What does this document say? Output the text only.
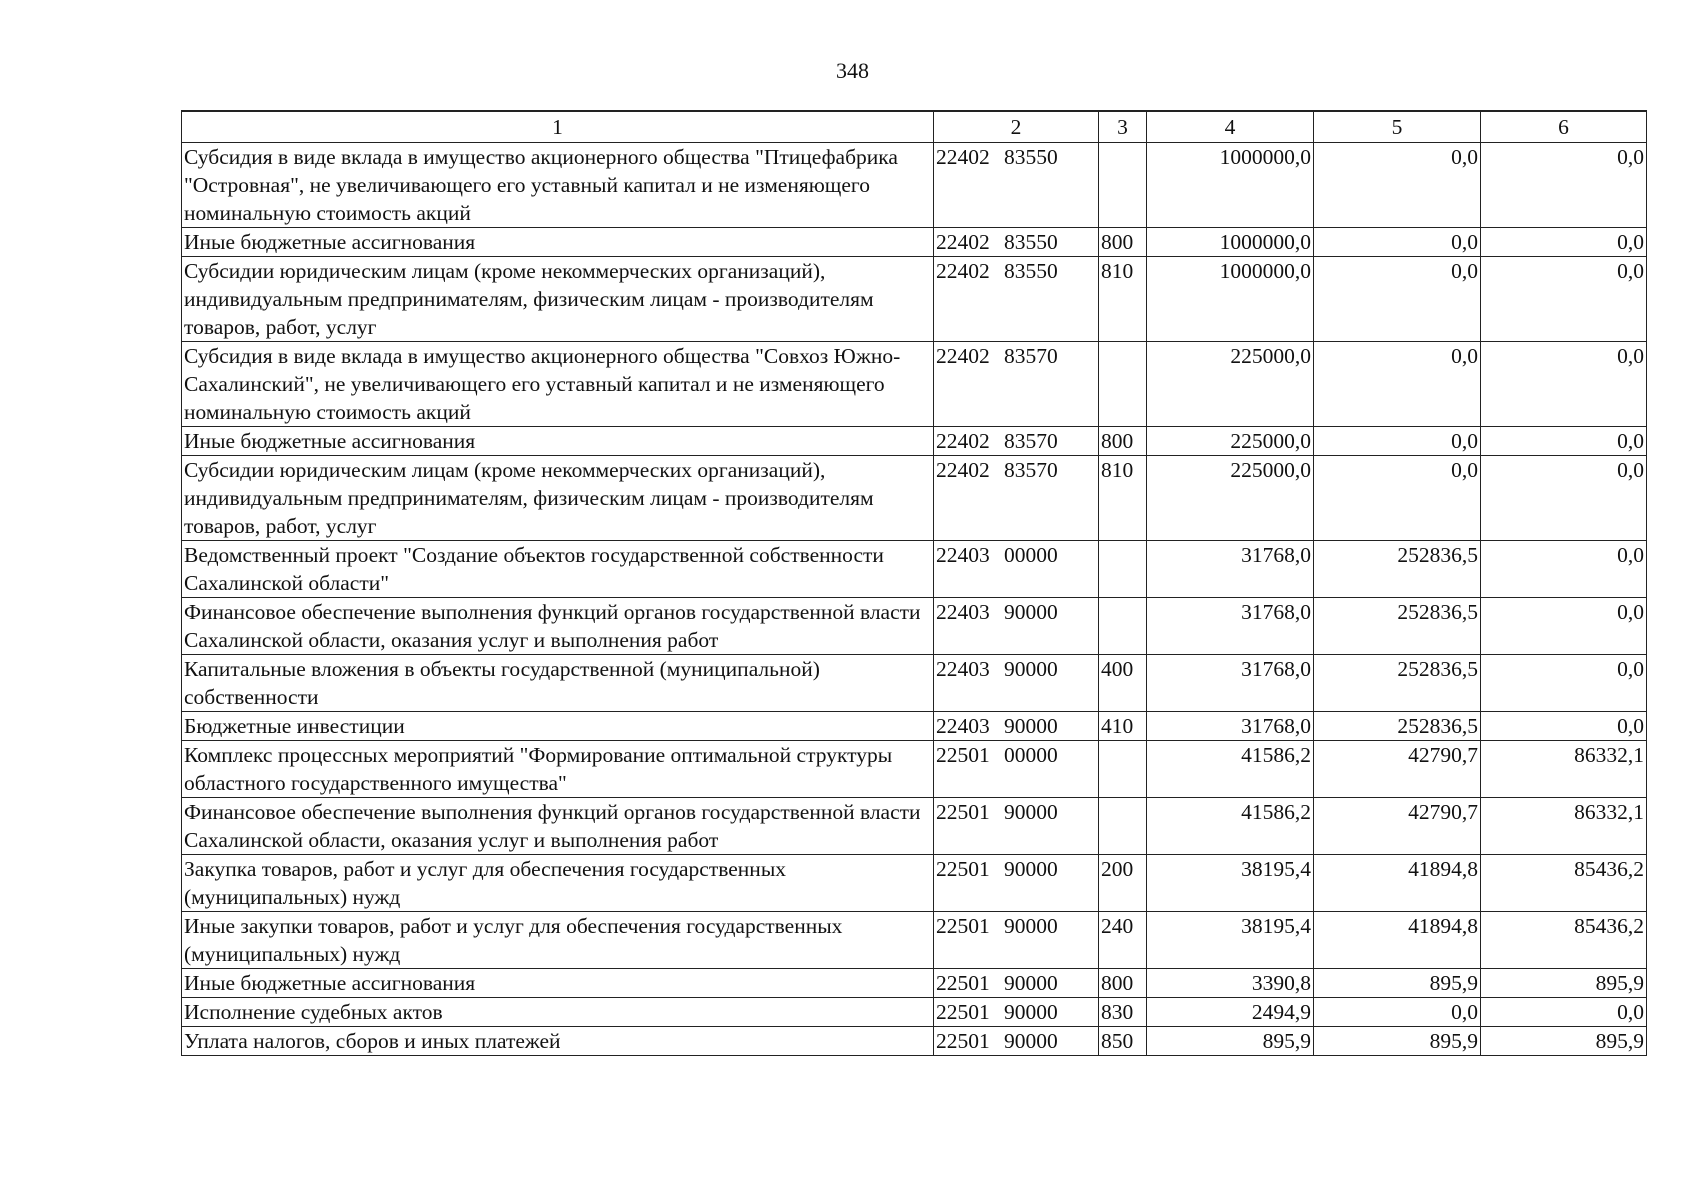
348
1	2	3	4	5	6
Субсидия в виде вклада в имущество акционерного общества "Птицефабрика "Островная", не увеличивающего его уставный капитал и не изменяющего номинальную стоимость акций	22402 83550		1000000,0	0,0	0,0
Иные бюджетные ассигнования	22402 83550	800	1000000,0	0,0	0,0
Субсидии юридическим лицам (кроме некоммерческих организаций), индивидуальным предпринимателям, физическим лицам - производителям товаров, работ, услуг	22402 83550	810	1000000,0	0,0	0,0
Субсидия в виде вклада в имущество акционерного общества "Совхоз Южно-Сахалинский", не увеличивающего его уставный капитал и не изменяющего номинальную стоимость акций	22402 83570		225000,0	0,0	0,0
Иные бюджетные ассигнования	22402 83570	800	225000,0	0,0	0,0
Субсидии юридическим лицам (кроме некоммерческих организаций), индивидуальным предпринимателям, физическим лицам - производителям товаров, работ, услуг	22402 83570	810	225000,0	0,0	0,0
Ведомственный проект "Создание объектов государственной собственности Сахалинской области"	22403 00000		31768,0	252836,5	0,0
Финансовое обеспечение выполнения функций органов государственной власти Сахалинской области, оказания услуг и выполнения работ	22403 90000		31768,0	252836,5	0,0
Капитальные вложения в объекты государственной (муниципальной) собственности	22403 90000	400	31768,0	252836,5	0,0
Бюджетные инвестиции	22403 90000	410	31768,0	252836,5	0,0
Комплекс процессных мероприятий "Формирование оптимальной структуры областного государственного имущества"	22501 00000		41586,2	42790,7	86332,1
Финансовое обеспечение выполнения функций органов государственной власти Сахалинской области, оказания услуг и выполнения работ	22501 90000		41586,2	42790,7	86332,1
Закупка товаров, работ и услуг для обеспечения государственных (муниципальных) нужд	22501 90000	200	38195,4	41894,8	85436,2
Иные закупки товаров, работ и услуг для обеспечения государственных (муниципальных) нужд	22501 90000	240	38195,4	41894,8	85436,2
Иные бюджетные ассигнования	22501 90000	800	3390,8	895,9	895,9
Исполнение судебных актов	22501 90000	830	2494,9	0,0	0,0
Уплата налогов, сборов и иных платежей	22501 90000	850	895,9	895,9	895,9
